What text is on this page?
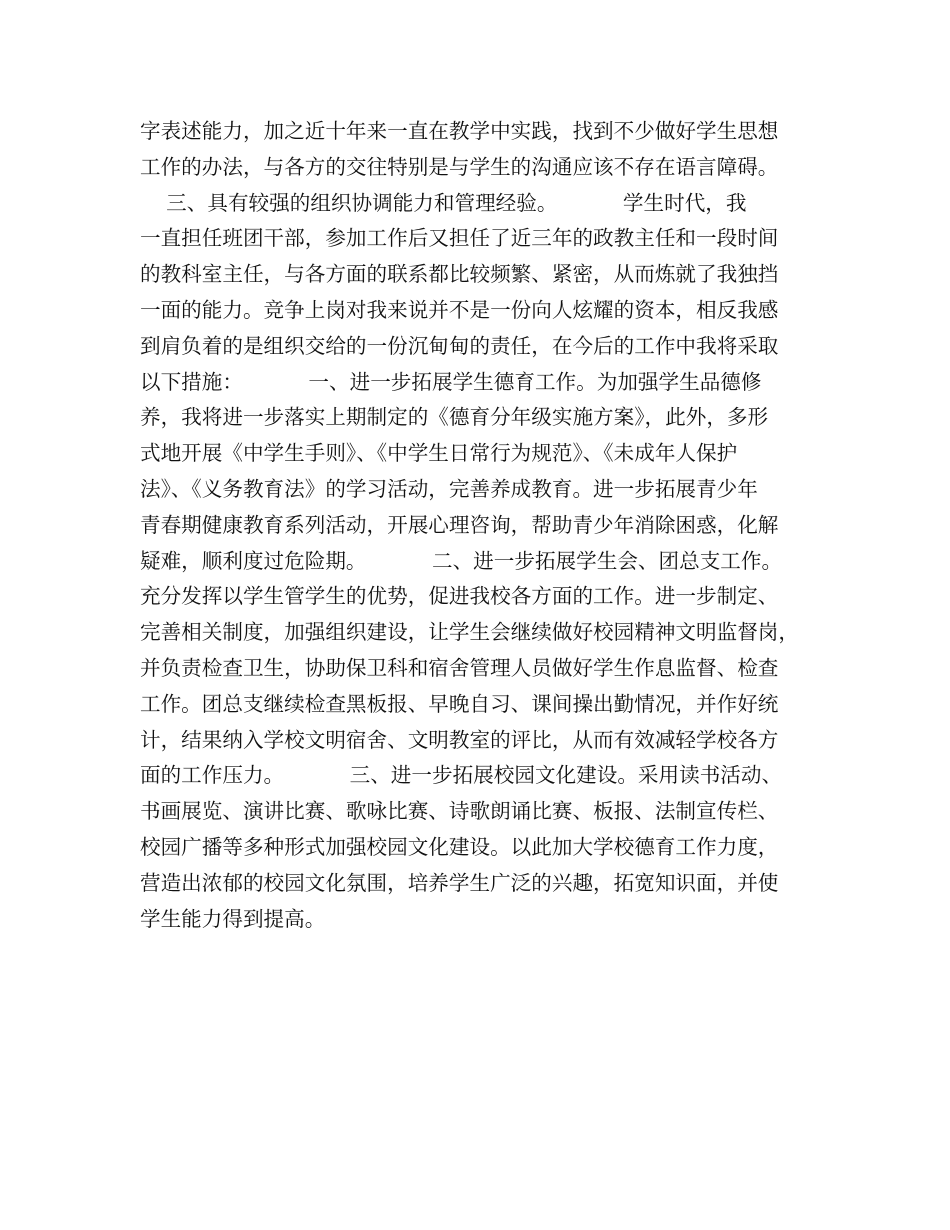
字表述能力，加之近十年来一直在教学中实践，找到不少做好学生思想
工作的办法，与各方的交往特别是与学生的沟通应该不存在语言障碍。
三、具有较强的组织协调能力和管理经验。          学生时代，我
一直担任班团干部，参加工作后又担任了近三年的政教主任和一段时间
的教科室主任，与各方面的联系都比较频繁、紧密，从而炼就了我独挡
一面的能力。竞争上岗对我来说并不是一份向人炫耀的资本，相反我感
到肩负着的是组织交给的一份沉甸甸的责任，在今后的工作中我将采取
以下措施：          一、进一步拓展学生德育工作。为加强学生品德修
养，我将进一步落实上期制定的《德育分年级实施方案》，此外，多形
式地开展《中学生手则》、《中学生日常行为规范》、《未成年人保护
法》、《义务教育法》的学习活动，完善养成教育。进一步拓展青少年
青春期健康教育系列活动，开展心理咨询，帮助青少年消除困惑，化解
疑难，顺利度过危险期。          二、进一步拓展学生会、团总支工作。
充分发挥以学生管学生的优势，促进我校各方面的工作。进一步制定、
完善相关制度，加强组织建设，让学生会继续做好校园精神文明监督岗，
并负责检查卫生，协助保卫科和宿舍管理人员做好学生作息监督、检查
工作。团总支继续检查黑板报、早晚自习、课间操出勤情况，并作好统
计，结果纳入学校文明宿舍、文明教室的评比，从而有效减轻学校各方
面的工作压力。          三、进一步拓展校园文化建设。采用读书活动、
书画展览、演讲比赛、歌咏比赛、诗歌朗诵比赛、板报、法制宣传栏、
校园广播等多种形式加强校园文化建设。以此加大学校德育工作力度，
营造出浓郁的校园文化氛围，培养学生广泛的兴趣，拓宽知识面，并使
学生能力得到提高。
